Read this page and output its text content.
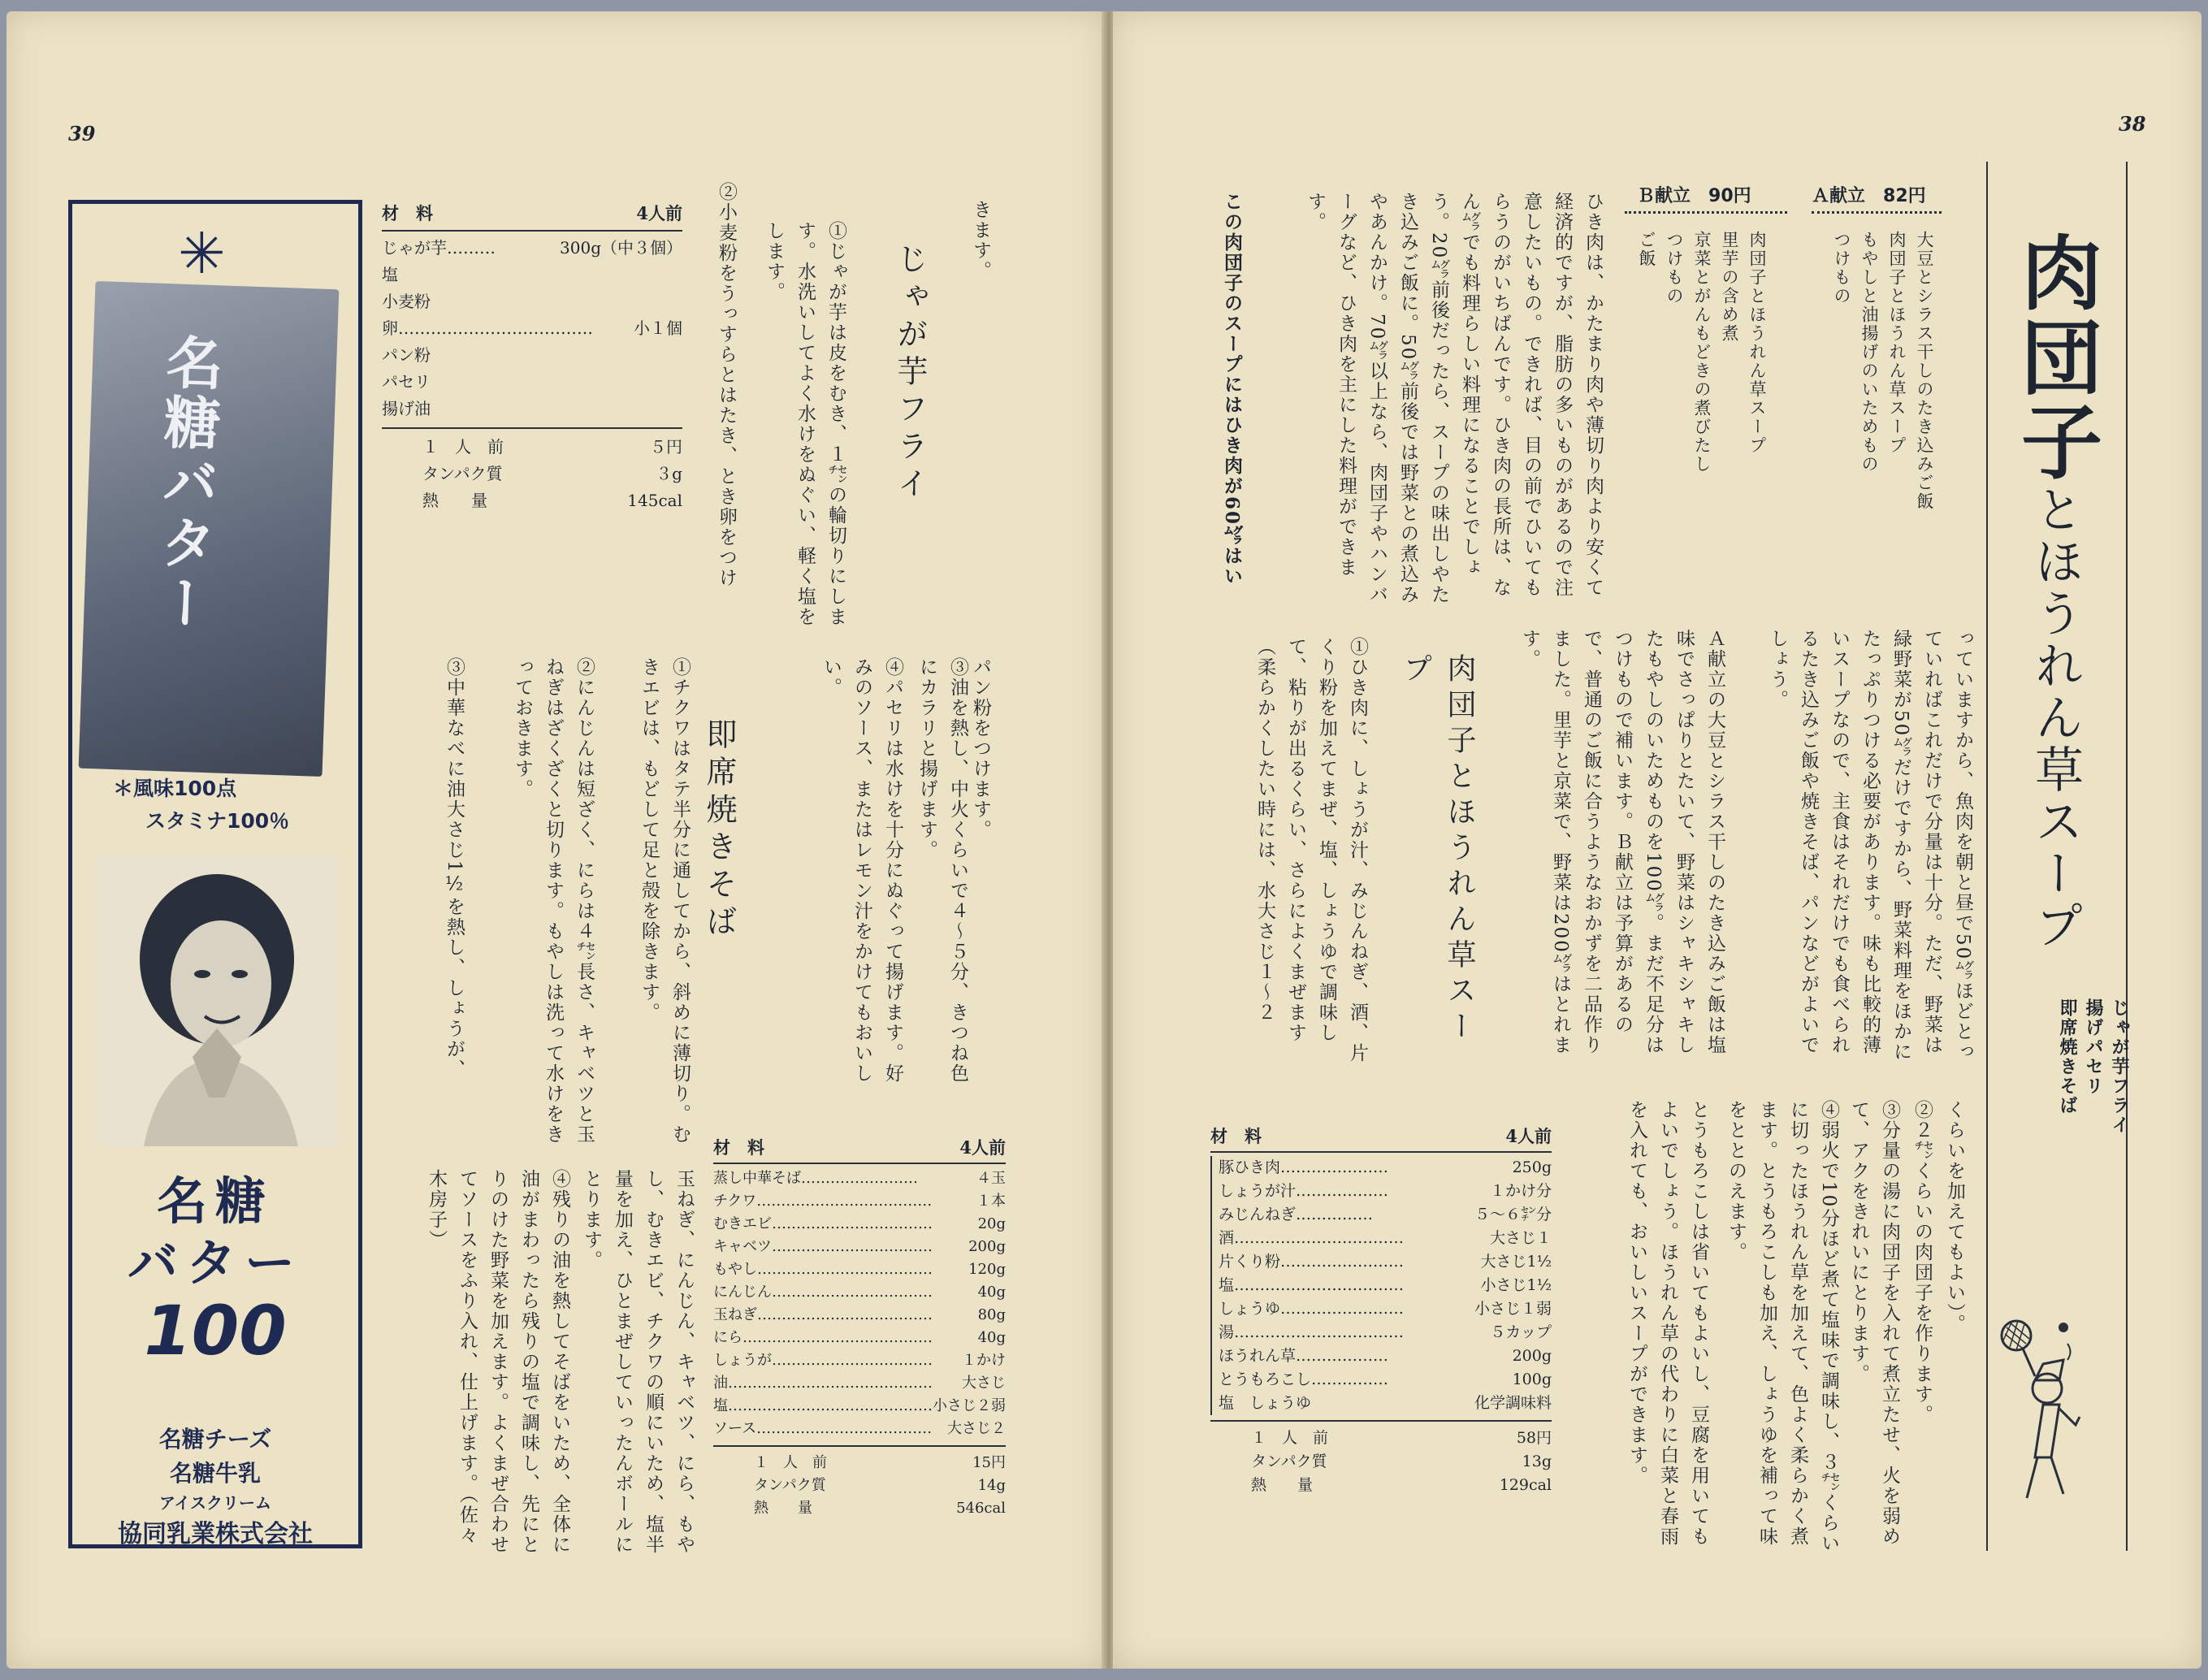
39
✳
名糖バター
＊風味100点
スタミナ100％
名糖
バター
100
名糖チーズ
名糖牛乳
アイスクリーム
協同乳業株式会社
材　料	4人前
じゃが芋………	300g（中３個）
塩
小麦粉
卵………………………………	小１個
パン粉
パセリ
揚げ油
１　人　前	５円
タンパク質	３g
熱　　量	145cal
きます。
じゃが芋フライ
①じゃが芋は皮をむき、１㌢の輪切りにします。水洗いしてよく水けをぬぐい、軽く塩をします。
②小麦粉をうっすらとはたき、とき卵をつけ
パン粉をつけます。
③油を熱し、中火くらいで４〜５分、きつね色にカラリと揚げます。
④パセリは水けを十分にぬぐって揚げます。好みのソース、またはレモン汁をかけてもおいしい。
即席焼きそば
①チクワはタテ半分に通してから、斜めに薄切り。むきエビは、もどして足と殻を除きます。
②にんじんは短ざく、にらは４㌢長さ、キャベツと玉ねぎはざくざくと切ります。もやしは洗って水けをきっておきます。
③中華なべに油大さじ1½を熱し、しょうが、
玉ねぎ、にんじん、キャベツ、にら、もやし、むきエビ、チクワの順にいため、塩半量を加え、ひとまぜしていったんボールにとります。
④残りの油を熱してそばをいため、全体に油がまわったら残りの塩で調味し、先にとりのけた野菜を加えます。よくまぜ合わせてソースをふり入れ、仕上げます。（佐々木房子）
材　料	4人前
蒸し中華そば……………………	４玉
チクワ………………………………	１本
むきエビ……………………………	20g
キャベツ…………………………… 200g
もやし……………………………… 120g
にんじん……………………………	40g
玉ねぎ………………………………	80g
にら…………………………………	40g
しょうが…………………………… １かけ
油…………………………………… 大さじ
塩…………………………………… 小さじ２弱
ソース……………………………… 大さじ２
１　人　前	15円
タンパク質	14g
熱　　量	546cal
38
肉団子とほうれん草スープ

じゃが芋フライ
揚げパセリ
即席焼きそば

Ａ献立　 82円
大豆とシラス干しのたき込みご飯
肉団子とほうれん草スープ
もやしと油揚げのいためもの
つけもの
Ｂ献立　 90円
肉団子とほうれん草スープ
里芋の含め煮
京菜とがんもどきの煮びたし
つけもの
ご飯
ひき肉は、かたまり肉や薄切り肉より安くて経済的ですが、脂肪の多いものがあるので注意したいもの。できれば、目の前でひいてもらうのがいちばんです。ひき肉の長所は、なん㌘でも料理らしい料理になることでしょう。20㌘前後だったら、スープの味出しやたき込みご飯に。50㌘前後では野菜との煮込みやあんかけ。70㌘以上なら、肉団子やハンバーグなど、ひき肉を主にした料理ができます。
この肉団子のスープにはひき肉が60㌘はい
っていますから、魚肉を朝と昼で50㌘ほどとっていればこれだけで分量は十分。ただ、野菜は緑野菜が50㌘だけですから、野菜料理をほかにたっぷりつける必要があります。味も比較的薄いスープなので、主食はそれだけでも食べられるたき込みご飯や焼きそば、パンなどがよいでしょう。
Ａ献立の大豆とシラス干しのたき込みご飯は塩味でさっぱりとたいて、野菜はシャキシャキしたもやしのいためものを100㌘。まだ不足分はつけもので補います。Ｂ献立は予算があるので、普通のご飯に合うようなおかずを二品作りました。里芋と京菜で、野菜は200㌘はとれます。
肉団子とほうれん草スープ
①ひき肉に、しょうが汁、みじんねぎ、酒、片くり粉を加えてまぜ、塩、しょうゆで調味して、粘りが出るくらい、さらによくまぜます（柔らかくしたい時には、水大さじ１〜２
くらいを加えてもよい）。
②２㌢くらいの肉団子を作ります。
③分量の湯に肉団子を入れて煮立たせ、火を弱めて、アクをきれいにとります。
④弱火で10分ほど煮て塩味で調味し、３㌢くらいに切ったほうれん草を加えて、色よく柔らかく煮ます。とうもろこしも加え、しょうゆを補って味をととのえます。
とうもろこしは省いてもよいし、豆腐を用いてもよいでしょう。ほうれん草の代わりに白菜と春雨を入れても、おいしいスープができます。
材　料	4人前
豚ひき肉…………………	250g
しょうが汁………………	１かけ分
みじんねぎ……………	５〜６㌢分
酒……………………………	大さじ１
片くり粉……………………	大さじ1½
塩……………………………	小さじ1½
しょうゆ……………………	小さじ１弱
湯……………………………	５カップ
ほうれん草………………	200g
とうもろこし……………	100g
塩　しょうゆ	化学調味料
１　人　前	58円
タンパク質	13g
熱　　量	129cal
